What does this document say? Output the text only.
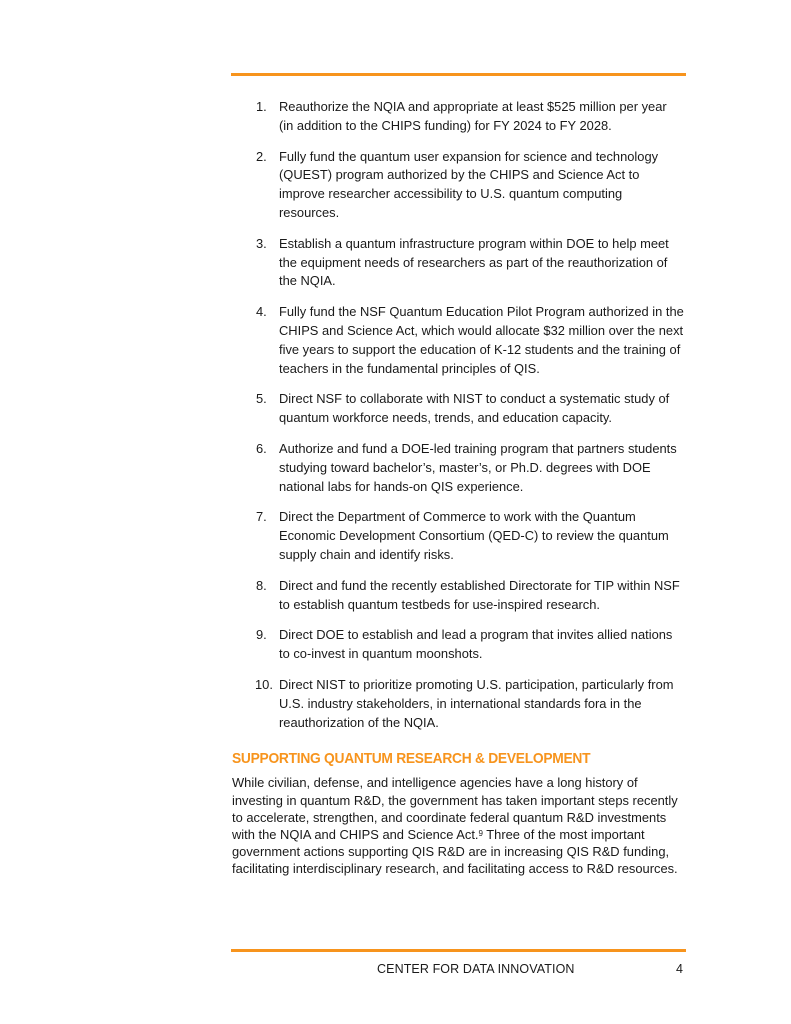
1. Reauthorize the NQIA and appropriate at least $525 million per year (in addition to the CHIPS funding) for FY 2024 to FY 2028.
2. Fully fund the quantum user expansion for science and technology (QUEST) program authorized by the CHIPS and Science Act to improve researcher accessibility to U.S. quantum computing resources.
3. Establish a quantum infrastructure program within DOE to help meet the equipment needs of researchers as part of the reauthorization of the NQIA.
4. Fully fund the NSF Quantum Education Pilot Program authorized in the CHIPS and Science Act, which would allocate $32 million over the next five years to support the education of K-12 students and the training of teachers in the fundamental principles of QIS.
5. Direct NSF to collaborate with NIST to conduct a systematic study of quantum workforce needs, trends, and education capacity.
6. Authorize and fund a DOE-led training program that partners students studying toward bachelor’s, master’s, or Ph.D. degrees with DOE national labs for hands-on QIS experience.
7. Direct the Department of Commerce to work with the Quantum Economic Development Consortium (QED-C) to review the quantum supply chain and identify risks.
8. Direct and fund the recently established Directorate for TIP within NSF to establish quantum testbeds for use-inspired research.
9. Direct DOE to establish and lead a program that invites allied nations to co-invest in quantum moonshots.
10. Direct NIST to prioritize promoting U.S. participation, particularly from U.S. industry stakeholders, in international standards fora in the reauthorization of the NQIA.
SUPPORTING QUANTUM RESEARCH & DEVELOPMENT

While civilian, defense, and intelligence agencies have a long history of investing in quantum R&D, the government has taken important steps recently to accelerate, strengthen, and coordinate federal quantum R&D investments with the NQIA and CHIPS and Science Act.$^9$ Three of the most important government actions supporting QIS R&D are in increasing QIS R&D funding, facilitating interdisciplinary research, and facilitating access to R&D resources.

CENTER FOR DATA INNOVATION	4
